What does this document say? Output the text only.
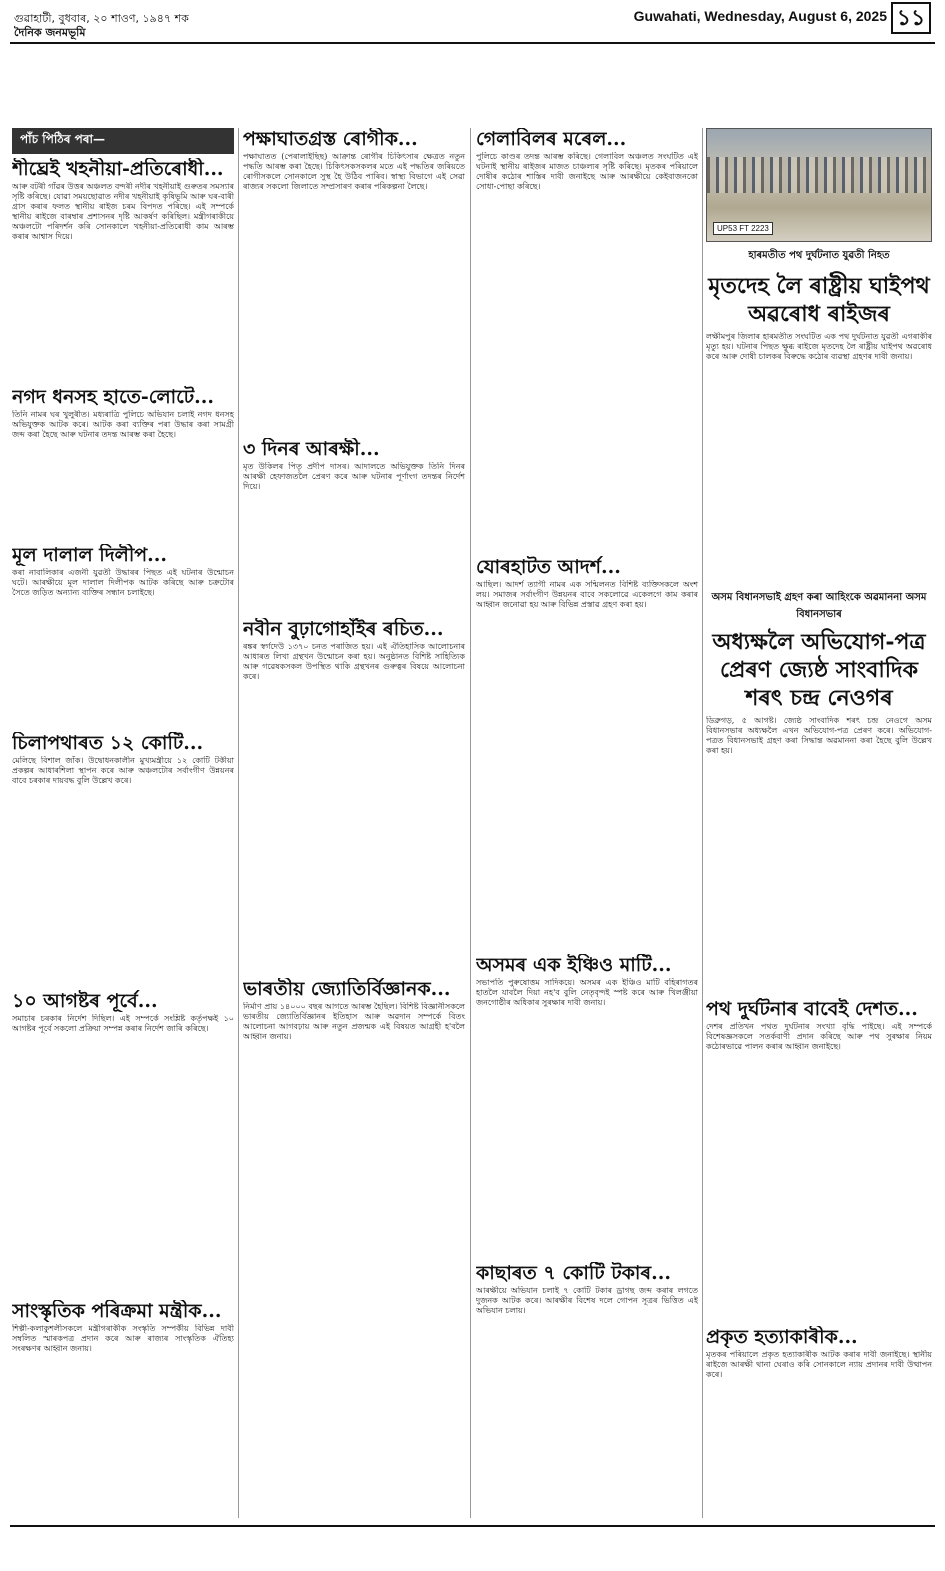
গুৱাহাটী, বুধবাৰ, ২০ শাওণ, ১৯৪৭ শক
দৈনিক জনমভূমি
Guwahati, Wednesday, August 6, 2025 ১১
পাঁচ পিঠিৰ পৰা—
শীঘ্ৰেই খহনীয়া-প্ৰতিৰোধী...

আৰু বটৰী গাঁৱৰ উত্তৰ অঞ্চলত বন্দৰী নদীৰ খহনীয়াই গুৰুতৰ সমস্যাৰ সৃষ্টি কৰিছে। যোৱা সময়ছোৱাত নদীৰ খহনীয়াই কৃষিভূমি আৰু ঘৰ-বাৰী গ্ৰাস কৰাৰ ফলত স্থানীয় ৰাইজ চৰম বিপদত পৰিছে। এই সম্পৰ্কে স্থানীয় ৰাইজে বাৰম্বাৰ প্ৰশাসনৰ দৃষ্টি আকৰ্ষণ কৰিছিল। মন্ত্ৰীগৰাকীয়ে অঞ্চলটো পৰিদৰ্শন কৰি সোনকালে খহনীয়া-প্ৰতিৰোধী কাম আৰম্ভ কৰাৰ আশ্বাস দিয়ে।

নগদ ধনসহ হাতে-লোটে...

তিনি নামৰ ঘৰ খুলুৰীত। মধ্যৰাত্ৰি পুলিচে অভিযান চলাই নগদ ধনসহ অভিযুক্তক আটক কৰে। আটক কৰা ব্যক্তিৰ পৰা উদ্ধাৰ কৰা সামগ্ৰী জব্দ কৰা হৈছে আৰু ঘটনাৰ তদন্ত আৰম্ভ কৰা হৈছে।

মূল দালাল দিলীপ...

কৰা নাবালিকাৰ এজনী যুৱতী উদ্ধাৰৰ পিছত এই ঘটনাৰ উন্মোচন ঘটে। আৰক্ষীয়ে মূল দালাল দিলীপক আটক কৰিছে আৰু চক্ৰটোৰ সৈতে জড়িত অন্যান্য ব্যক্তিৰ সন্ধান চলাইছে।

চিলাপথাৰত ১২ কোটি...

মেলিছে বিশাল জাঁক। উদ্বোধনকালীন মুখ্যমন্ত্ৰীয়ে ১২ কোটি টকীয়া প্ৰকল্পৰ আধাৰশিলা স্থাপন কৰে আৰু অঞ্চলটোৰ সৰ্বাংগীণ উন্নয়নৰ বাবে চৰকাৰ দায়বদ্ধ বুলি উল্লেখ কৰে।

১০ আগষ্টৰ পূৰ্বে...

সমাচাৰ চৰকাৰ নিৰ্দেশ দিছিল। এই সম্পৰ্কে সংশ্লিষ্ট কৰ্তৃপক্ষই ১০ আগষ্টৰ পূৰ্বে সকলো প্ৰক্ৰিয়া সম্পন্ন কৰাৰ নিৰ্দেশ জাৰি কৰিছে।

সাংস্কৃতিক পৰিক্ৰমা মন্ত্ৰীক...

শিল্পী-কলাকুশলীসকলে মন্ত্ৰীগৰাকীক সংস্কৃতি সম্পৰ্কীয় বিভিন্ন দাবী সম্বলিত স্মাৰকপত্ৰ প্ৰদান কৰে আৰু ৰাজ্যৰ সাংস্কৃতিক ঐতিহ্য সংৰক্ষণৰ আহ্বান জনায়।

পক্ষাঘাতগ্ৰস্ত ৰোগীক...

পক্ষাঘাতত (পেৰালাইছিছ) আক্ৰান্ত ৰোগীৰ চিকিৎসাৰ ক্ষেত্ৰত নতুন পদ্ধতি আৰম্ভ কৰা হৈছে। চিকিৎসকসকলৰ মতে এই পদ্ধতিৰ জৰিয়তে ৰোগীসকলে সোনকালে সুস্থ হৈ উঠিব পাৰিব। স্বাস্থ্য বিভাগে এই সেৱা ৰাজ্যৰ সকলো জিলাতে সম্প্ৰসাৰণ কৰাৰ পৰিকল্পনা লৈছে।

৩ দিনৰ আৰক্ষী...

মৃত উকিলৰ পিতৃ প্ৰদীপ দাসৰ। আদালতে অভিযুক্তক তিনি দিনৰ আৰক্ষী হেফাজতলৈ প্ৰেৰণ কৰে আৰু ঘটনাৰ পূৰ্ণাংগ তদন্তৰ নিৰ্দেশ দিয়ে।

নবীন বুঢ়াগোহাঁইৰ ৰচিত...

ৰঙ্কৰ স্বৰ্গদেউ ১৩৭০ চনত পৰাজিত হয়। এই ঐতিহাসিক আলোচনাৰ আধাৰত লিখা গ্ৰন্থখন উন্মোচন কৰা হয়। অনুষ্ঠানত বিশিষ্ট সাহিত্যিক আৰু গৱেষকসকল উপস্থিত থাকি গ্ৰন্থখনৰ গুৰুত্বৰ বিষয়ে আলোচনা কৰে।

ভাৰতীয় জ্যোতিৰ্বিজ্ঞানক...

নিৰ্মাণ প্ৰায় ১৪০০০ বছৰ আগতে আৰম্ভ হৈছিল। বিশিষ্ট বিজ্ঞানীসকলে ভাৰতীয় জ্যোতিৰ্বিজ্ঞানৰ ইতিহাস আৰু অৱদান সম্পৰ্কে বিতং আলোচনা আগবঢ়ায় আৰু নতুন প্ৰজন্মক এই বিষয়ত আগ্ৰহী হ'বলৈ আহ্বান জনায়।

গেলাবিলৰ মৰেল...

পুলিচে কাণ্ডৰ তদন্ত আৰম্ভ কৰিছে। গেলাবিল অঞ্চলত সংঘটিত এই ঘটনাই স্থানীয় ৰাইজৰ মাজত চাঞ্চল্যৰ সৃষ্টি কৰিছে। মৃতকৰ পৰিয়ালে দোষীৰ কঠোৰ শাস্তিৰ দাবী জনাইছে আৰু আৰক্ষীয়ে কেইবাজনকো সোধা-পোছা কৰিছে।

যোৰহাটত আদৰ্শ...

আছিল। আদৰ্শ ত্যাগী নামৰ এক সন্মিলনত বিশিষ্ট ব্যক্তিসকলে অংশ লয়। সমাজৰ সৰ্বাংগীণ উন্নয়নৰ বাবে সকলোৱে একেলগে কাম কৰাৰ আহ্বান জনোৱা হয় আৰু বিভিন্ন প্ৰস্তাৱ গ্ৰহণ কৰা হয়।

অসমৰ এক ইঞ্চিও মাটি...

সভাপতি পুৰুষোত্তম সাদিকয়ে। অসমৰ এক ইঞ্চিও মাটি বহিৰাগতৰ হাতলৈ যাবলৈ দিয়া নহ'ব বুলি নেতৃবৃন্দই স্পষ্ট কৰে আৰু খিলঞ্জীয়া জনগোষ্ঠীৰ অধিকাৰ সুৰক্ষাৰ দাবী জনায়।

কাছাৰত ৭ কোটি টকাৰ...

আৰক্ষীয়ে অভিযান চলাই ৭ কোটি টকাৰ ড্ৰাগছ জব্দ কৰাৰ লগতে দুজনক আটক কৰে। আৰক্ষীৰ বিশেষ দলে গোপন সূত্ৰৰ ভিত্তিত এই অভিযান চলায়।

UP53 FT 2223
হাৰমতীত পথ দুৰ্ঘটনাত যুৱতী নিহত
মৃতদেহ লৈ ৰাষ্ট্ৰীয় ঘাইপথ অৱৰোধ ৰাইজৰ

লক্ষীমপুৰ জিলাৰ হাৰমতীত সংঘটিত এক পথ দুৰ্ঘটনাত যুৱতী এগৰাকীৰ মৃত্যু হয়। ঘটনাৰ পিছত ক্ষুব্ধ ৰাইজে মৃতদেহ লৈ ৰাষ্ট্ৰীয় ঘাইপথ অৱৰোধ কৰে আৰু দোষী চালকৰ বিৰুদ্ধে কঠোৰ ব্যৱস্থা গ্ৰহণৰ দাবী জনায়।

অসম বিধানসভাই গ্ৰহণ কৰা আহিংকে অৱমাননা অসম বিধানসভাৰ
অধ্যক্ষলৈ অভিযোগ-পত্ৰ প্ৰেৰণ জ্যেষ্ঠ সাংবাদিক শৰৎ চন্দ্ৰ নেওগৰ

ডিব্ৰুগড়, ৫ আগষ্ট। জ্যেষ্ঠ সাংবাদিক শৰৎ চন্দ্ৰ নেওগে অসম বিধানসভাৰ অধ্যক্ষলৈ এখন অভিযোগ-পত্ৰ প্ৰেৰণ কৰে। অভিযোগ-পত্ৰত বিধানসভাই গ্ৰহণ কৰা সিদ্ধান্ত অৱমাননা কৰা হৈছে বুলি উল্লেখ কৰা হয়।

পথ দুৰ্ঘটনাৰ বাবেই দেশত...

দেশৰ প্ৰতিখন পথত দুৰ্ঘটনাৰ সংখ্যা বৃদ্ধি পাইছে। এই সম্পৰ্কে বিশেষজ্ঞসকলে সতৰ্কবাণী প্ৰদান কৰিছে আৰু পথ সুৰক্ষাৰ নিয়ম কঠোৰভাৱে পালন কৰাৰ আহ্বান জনাইছে।

প্ৰকৃত হত্যাকাৰীক...

মৃতকৰ পৰিয়ালে প্ৰকৃত হত্যাকাৰীক আটক কৰাৰ দাবী জনাইছে। স্থানীয় ৰাইজে আৰক্ষী থানা ঘেৰাও কৰি সোনকালে ন্যায় প্ৰদানৰ দাবী উত্থাপন কৰে।
